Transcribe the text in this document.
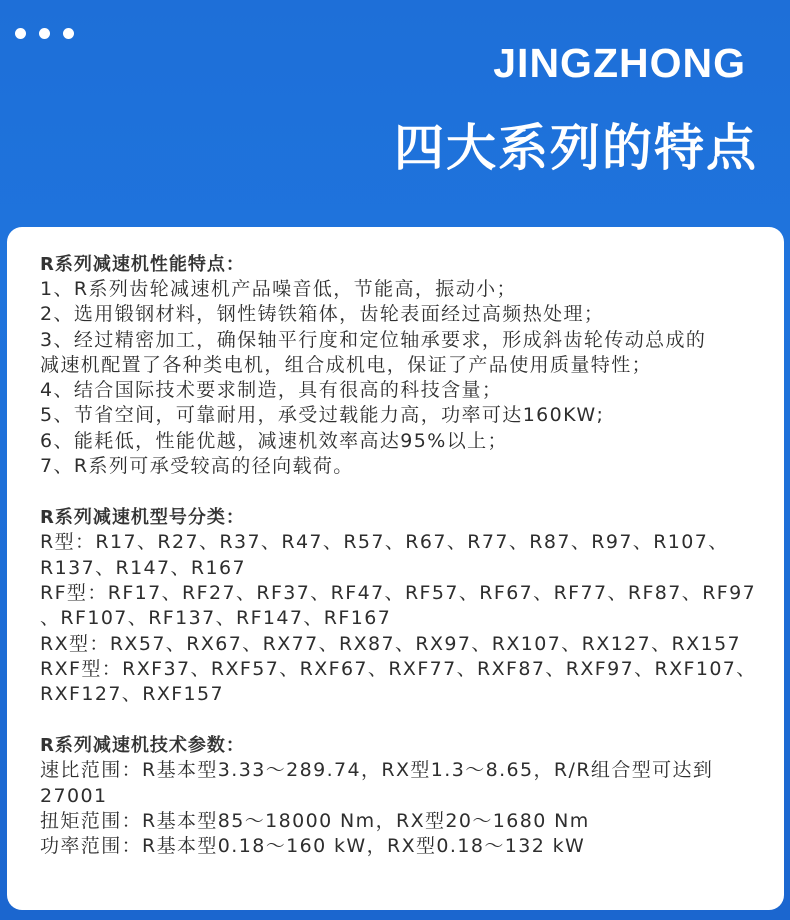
JINGZHONG
四大系列的特点
R系列减速机性能特点：
1、R系列齿轮减速机产品噪音低，节能高，振动小；
2、选用锻钢材料，钢性铸铁箱体，齿轮表面经过高频热处理；
3、经过精密加工，确保轴平行度和定位轴承要求，形成斜齿轮传动总成的
减速机配置了各种类电机，组合成机电，保证了产品使用质量特性；
4、结合国际技术要求制造，具有很高的科技含量；
5、节省空间，可靠耐用，承受过载能力高，功率可达160KW;
6、能耗低，性能优越，减速机效率高达95%以上；
7、R系列可承受较高的径向载荷。
R系列减速机型号分类：
R型：R17、R27、R37、R47、R57、R67、R77、R87、R97、R107、
R137、R147、R167
RF型：RF17、RF27、RF37、RF47、RF57、RF67、RF77、RF87、RF97
、RF107、RF137、RF147、RF167
RX型：RX57、RX67、RX77、RX87、RX97、RX107、RX127、RX157
RXF型：RXF37、RXF57、RXF67、RXF77、RXF87、RXF97、RXF107、
RXF127、RXF157
R系列减速机技术参数：
速比范围：R基本型3.33～289.74，RX型1.3～8.65，R/R组合型可达到
27001
扭矩范围：R基本型85～18000 Nm，RX型20～1680 Nm
功率范围：R基本型0.18～160 kW，RX型0.18～132 kW
